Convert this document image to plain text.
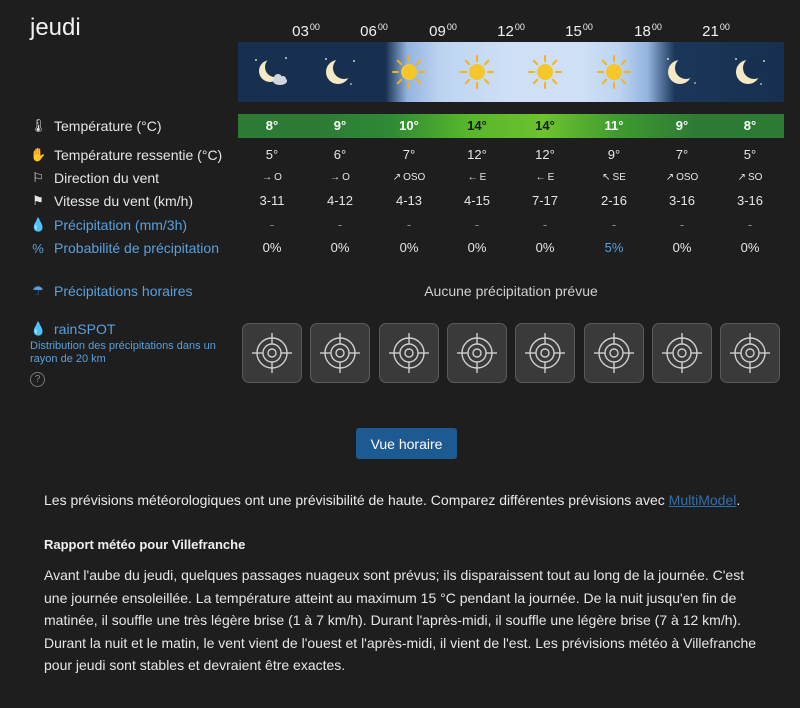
jeudi	$03^{00}$	$06^{00}$	$09^{00}$	$12^{00}$	$15^{00}$	$18^{00}$	$21^{00}$
🌡 Température (°C)	8°	9°	10°	14°	14°	11°	9°	8°
✋ Température ressentie (°C)	5°	6°	7°	12°	12°	9°	7°	5°
⚐ Direction du vent	→ O	→ O	↗ OSO	← E	← E	↖ SE	↗ OSO	↗ SO
⚑ Vitesse du vent (km/h)	3-11	4-12	4-13	4-15	7-17	2-16	3-16	3-16
💧 Précipitation (mm/3h)	-	-	-	-	-	-	-	-
% Probabilité de précipitation	0%	0%	0%	0%	0%	5%	0%	0%
☂ Précipitations horaires	Aucune précipitation prévue
💧 rainSPOT
Distribution des précipitations dans un rayon de 20 km
?
Vue horaire
Les prévisions météorologiques ont une prévisibilité de haute. Comparez différentes prévisions avec MultiModel.
Rapport météo pour Villefranche
Avant l'aube du jeudi, quelques passages nuageux sont prévus; ils disparaissent tout au long de la journée. C'est une journée ensoleillée. La température atteint au maximum 15 °C pendant la journée. De la nuit jusqu'en fin de matinée, il souffle une très légère brise (1 à 7 km/h). Durant l'après-midi, il souffle une légère brise (7 à 12 km/h). Durant la nuit et le matin, le vent vient de l'ouest et l'après-midi, il vient de l'est. Les prévisions météo à Villefranche pour jeudi sont stables et devraient être exactes.
